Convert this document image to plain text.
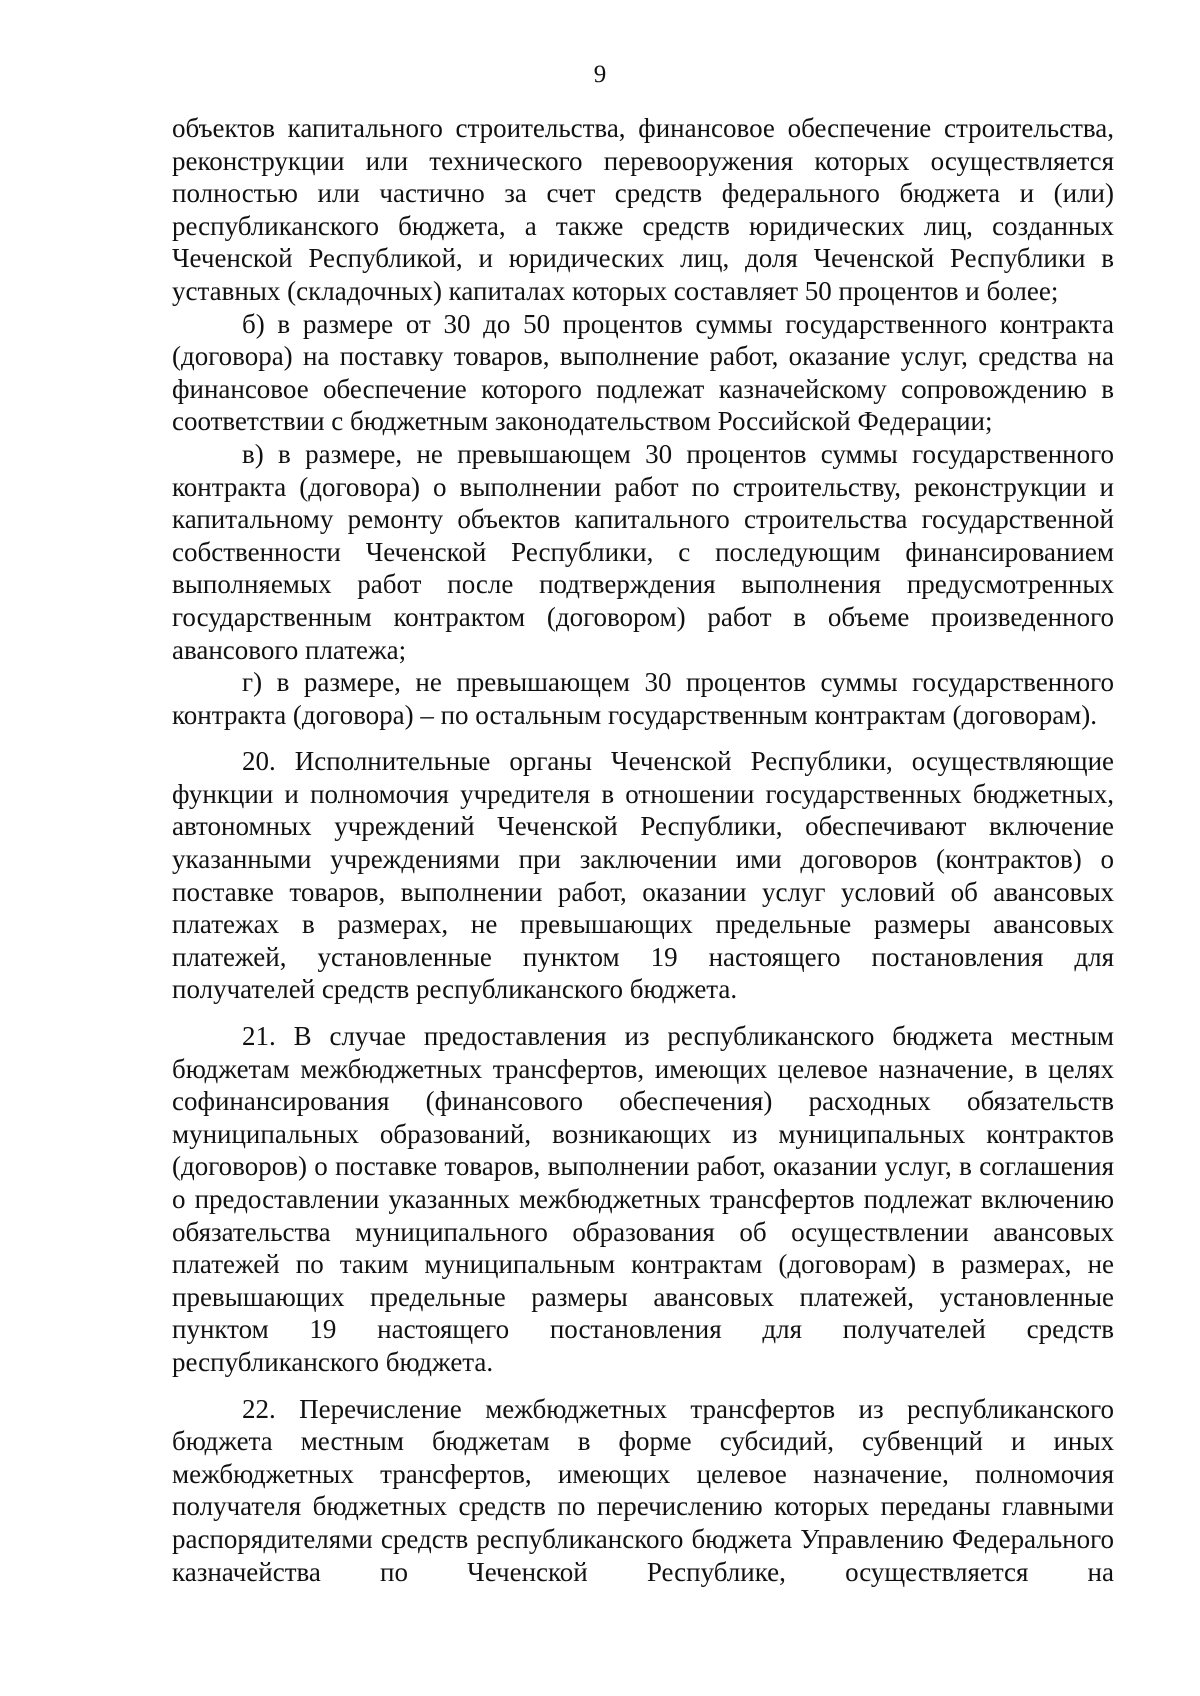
9

объектов капитального строительства, финансовое обеспечение строительства, реконструкции или технического перевооружения которых осуществляется полностью или частично за счет средств федерального бюджета и (или) республиканского бюджета, а также средств юридических лиц, созданных Чеченской Республикой, и юридических лиц, доля Чеченской Республики в уставных (складочных) капиталах которых составляет 50 процентов и более;

б) в размере от 30 до 50 процентов суммы государственного контракта (договора) на поставку товаров, выполнение работ, оказание услуг, средства на финансовое обеспечение которого подлежат казначейскому сопровождению в соответствии с бюджетным законодательством Российской Федерации;

в) в размере, не превышающем 30 процентов суммы государственного контракта (договора) о выполнении работ по строительству, реконструкции и капитальному ремонту объектов капитального строительства государственной собственности Чеченской Республики, с последующим финансированием выполняемых работ после подтверждения выполнения предусмотренных государственным контрактом (договором) работ в объеме произведенного авансового платежа;

г) в размере, не превышающем 30 процентов суммы государственного контракта (договора) – по остальным государственным контрактам (договорам).

20. Исполнительные органы Чеченской Республики, осуществляющие функции и полномочия учредителя в отношении государственных бюджетных, автономных учреждений Чеченской Республики, обеспечивают включение указанными учреждениями при заключении ими договоров (контрактов) о поставке товаров, выполнении работ, оказании услуг условий об авансовых платежах в размерах, не превышающих предельные размеры авансовых платежей, установленные пунктом 19 настоящего постановления для получателей средств республиканского бюджета.

21. В случае предоставления из республиканского бюджета местным бюджетам межбюджетных трансфертов, имеющих целевое назначение, в целях софинансирования (финансового обеспечения) расходных обязательств муниципальных образований, возникающих из муниципальных контрактов (договоров) о поставке товаров, выполнении работ, оказании услуг, в соглашения о предоставлении указанных межбюджетных трансфертов подлежат включению обязательства муниципального образования об осуществлении авансовых платежей по таким муниципальным контрактам (договорам) в размерах, не превышающих предельные размеры авансовых платежей, установленные пунктом 19 настоящего постановления для получателей средств республиканского бюджета.

22. Перечисление межбюджетных трансфертов из республиканского бюджета местным бюджетам в форме субсидий, субвенций и иных межбюджетных трансфертов, имеющих целевое назначение, полномочия получателя бюджетных средств по перечислению которых переданы главными распорядителями средств республиканского бюджета Управлению Федерального казначейства по Чеченской Республике, осуществляется на
